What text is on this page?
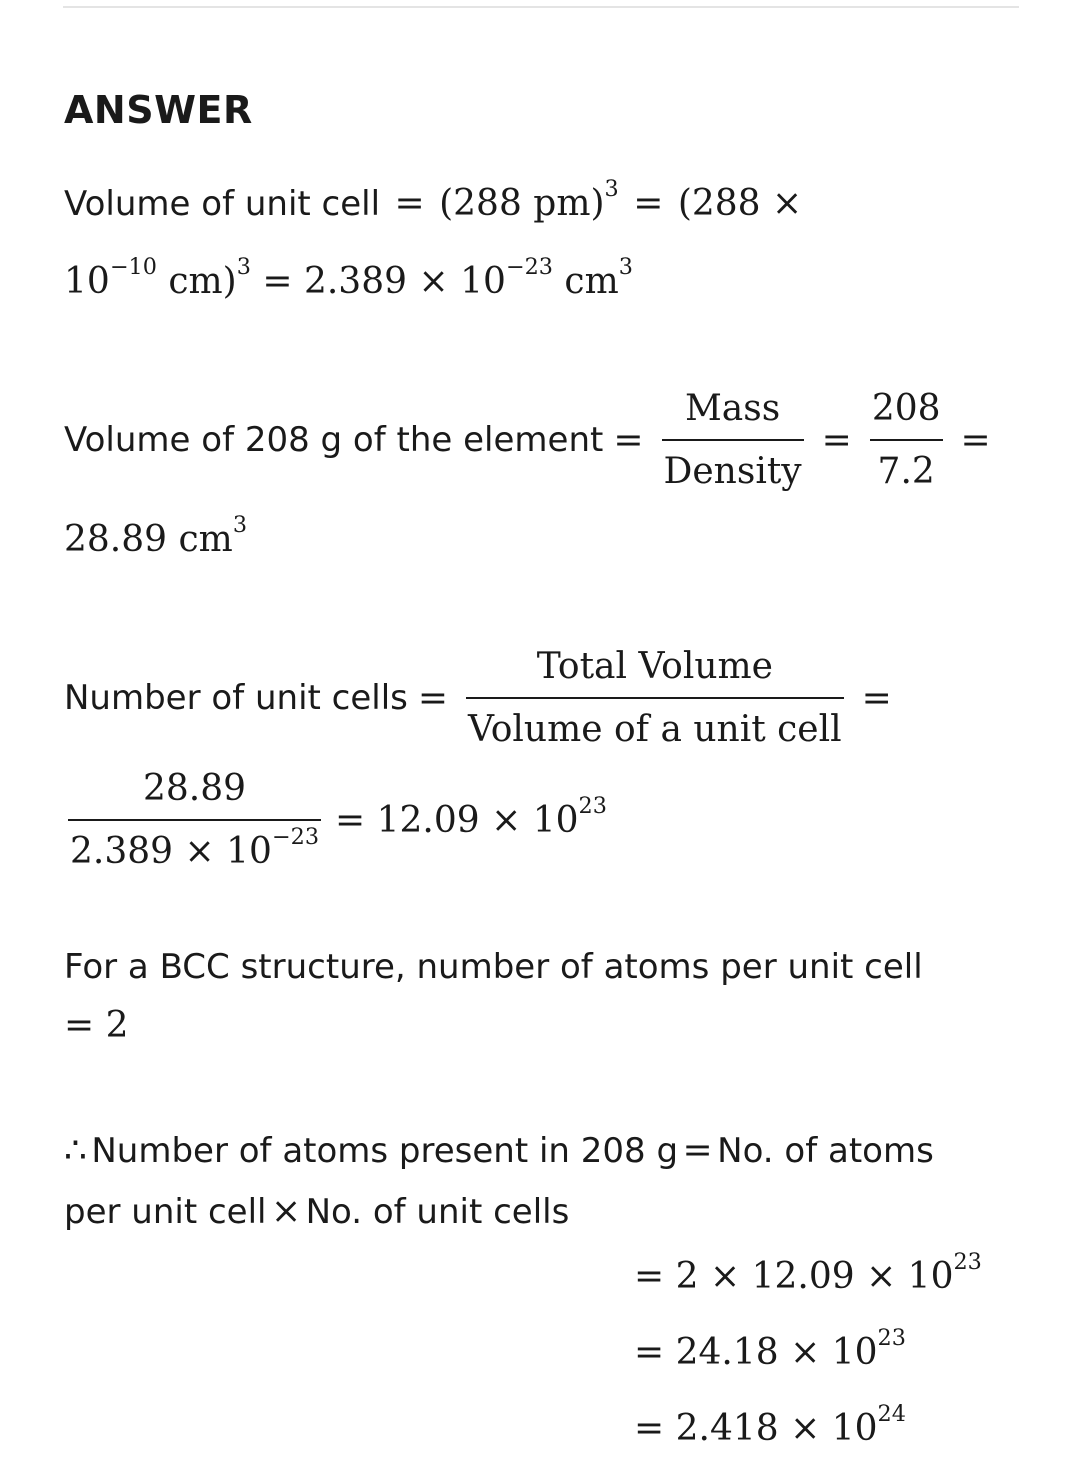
ANSWER
Volume of unit cell = (288 pm)$^3$ = (288 ×
$10^{-10}$ $cm)^3 = 2.389 \times 10^{-23}$ $cm^3$
Volume of 208 g of the element = $\frac{\text{Mass}}{\text{Density}} = \frac{208}{7.2}$ =
28.89 $cm^3$
Number of unit cells = $\frac{\text{Total Volume}}{\text{Volume of a unit cell}}$ =
$\frac{28.89}{2.389 \times 10^{-23}} = 12.09 \times 10^{23}$
For a BCC structure, number of atoms per unit cell
= 2
∴ Number of atoms present in 208 g = No. of atoms
per unit cell × No. of unit cells
= $2 \times 12.09 \times 10^{23}$
= $24.18 \times 10^{23}$
= $2.418 \times 10^{24}$
